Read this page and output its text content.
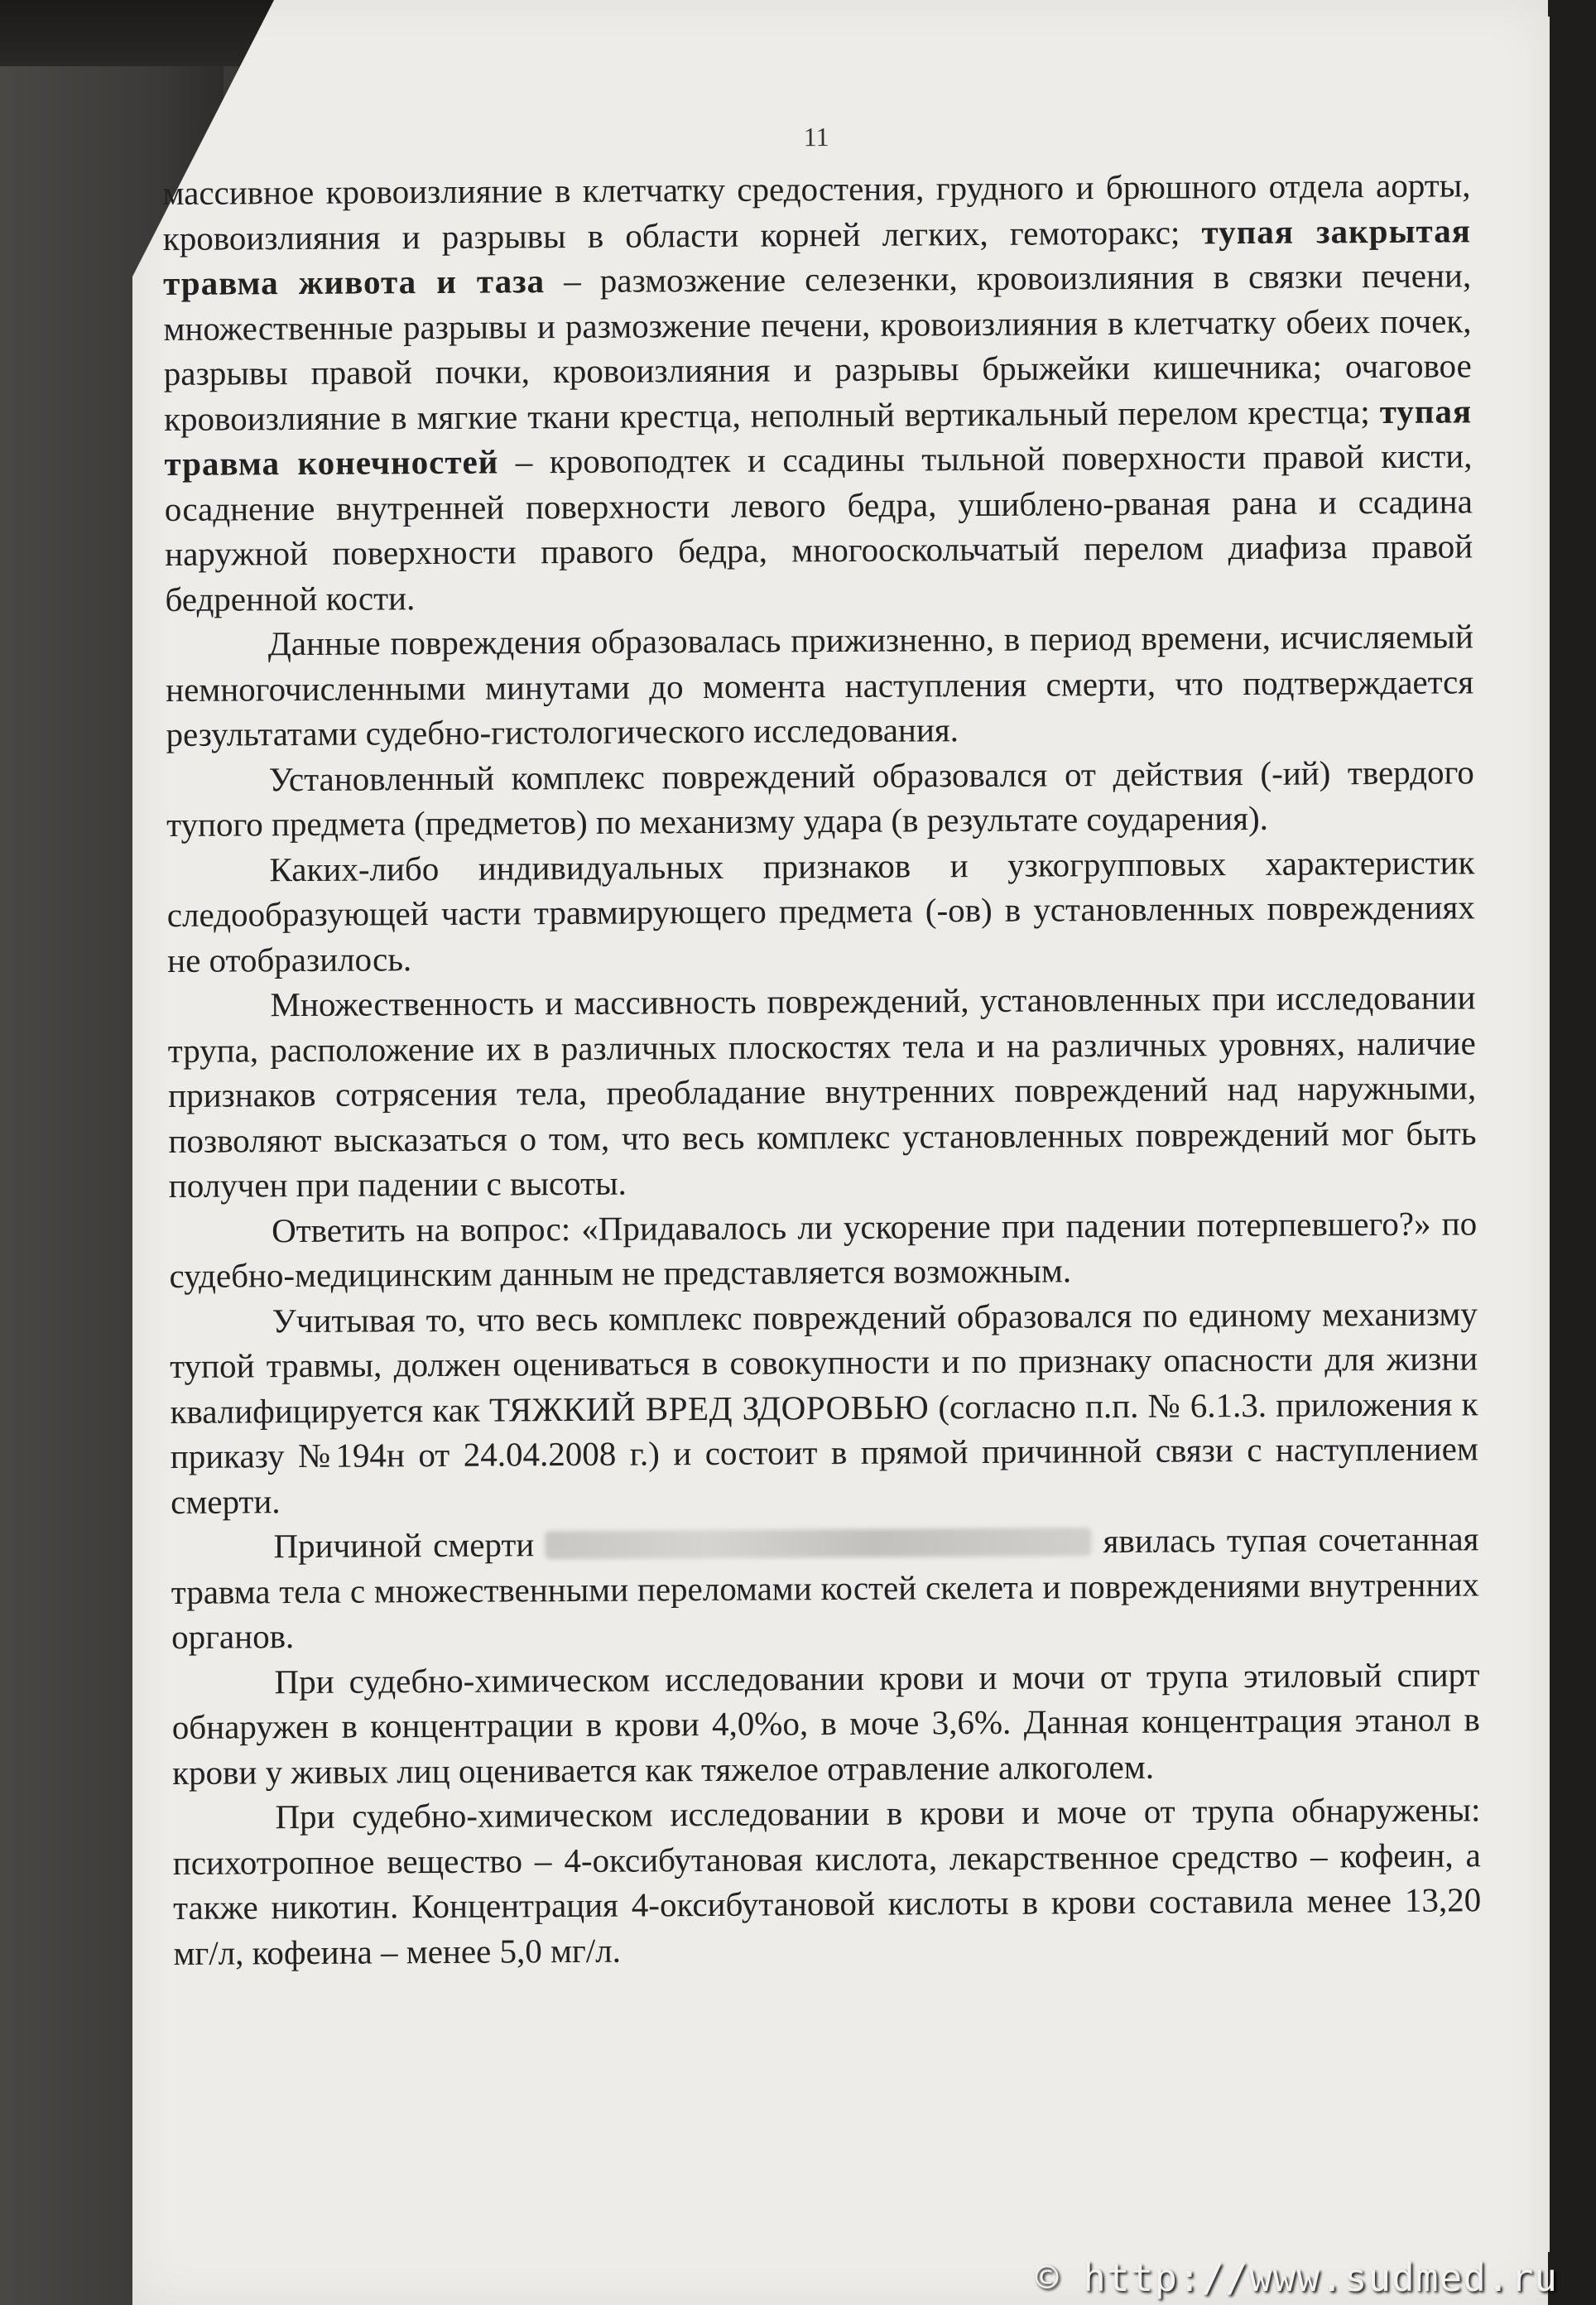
11

массивное кровоизлияние в клетчатку средостения, грудного и брюшного отдела аорты, кровоизлияния и разрывы в области корней легких, гемоторакс; тупая закрытая травма живота и таза – размозжение селезенки, кровоизлияния в связки печени, множественные разрывы и размозжение печени, кровоизлияния в клетчатку обеих почек, разрывы правой почки, кровоизлияния и разрывы брыжейки кишечника; очаговое кровоизлияние в мягкие ткани крестца, неполный вертикальный перелом крестца; тупая травма конечностей – кровоподтек и ссадины тыльной поверхности правой кисти, осаднение внутренней поверхности левого бедра, ушиблено-рваная рана и ссадина наружной поверхности правого бедра, многооскольчатый перелом диафиза правой бедренной кости.

Данные повреждения образовалась прижизненно, в период времени, исчисляемый немногочисленными минутами до момента наступления смерти, что подтверждается результатами судебно-гистологического исследования.

Установленный комплекс повреждений образовался от действия (-ий) твердого тупого предмета (предметов) по механизму удара (в результате соударения).

Каких-либо индивидуальных признаков и узкогрупповых характеристик следообразующей части травмирующего предмета (-ов) в установленных повреждениях не отобразилось.

Множественность и массивность повреждений, установленных при исследовании трупа, расположение их в различных плоскостях тела и на различных уровнях, наличие признаков сотрясения тела, преобладание внутренних повреждений над наружными, позволяют высказаться о том, что весь комплекс установленных повреждений мог быть получен при падении с высоты.

Ответить на вопрос: «Придавалось ли ускорение при падении потерпевшего?» по судебно-медицинским данным не представляется возможным.

Учитывая то, что весь комплекс повреждений образовался по единому механизму тупой травмы, должен оцениваться в совокупности и по признаку опасности для жизни квалифицируется как ТЯЖКИЙ ВРЕД ЗДОРОВЬЮ (согласно п.п. № 6.1.3. приложения к приказу №194н от 24.04.2008 г.) и состоит в прямой причинной связи с наступлением смерти.

Причиной смерти	явилась тупая сочетанная травма тела с множественными переломами костей скелета и повреждениями внутренних органов.

При судебно-химическом исследовании крови и мочи от трупа этиловый спирт обнаружен в концентрации в крови 4,0%о, в моче 3,6%. Данная концентрация этанол в крови у живых лиц оценивается как тяжелое отравление алкоголем.

При судебно-химическом исследовании в крови и моче от трупа обнаружены: психотропное вещество – 4-оксибутановая кислота, лекарственное средство – кофеин, а также никотин. Концентрация 4-оксибутановой кислоты в крови составила менее 13,20 мг/л, кофеина – менее 5,0 мг/л.

© http://www.sudmed.ru
